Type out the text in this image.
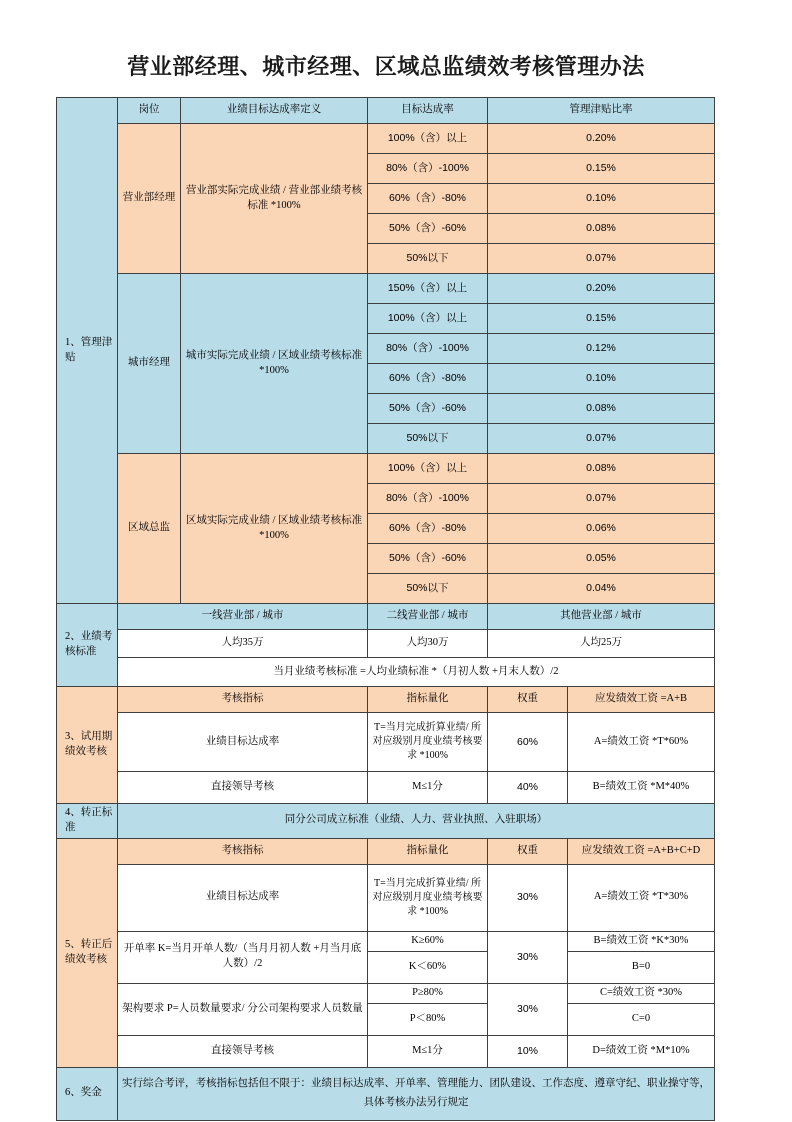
营业部经理、城市经理、区域总监绩效考核管理办法
1、管理津贴	岗位	业绩目标达成率定义	目标达成率	管理津贴比率	
	营业部经理	营业部实际完成业绩 / 营业部业绩考核标准 *100%	100%（含）以上	0.20%	
			80%（含）-100%	0.15%	
			60%（含）-80%	0.10%	
			50%（含）-60%	0.08%	
			50%以下	0.07%	
	城市经理	城市实际完成业绩 / 区域业绩考核标准 *100%	150%（含）以上	0.20%	
			100%（含）以上	0.15%	
			80%（含）-100%	0.12%	
			60%（含）-80%	0.10%	
			50%（含）-60%	0.08%	
			50%以下	0.07%	
	区域总监	区域实际完成业绩 / 区域业绩考核标准 *100%	100%（含）以上	0.08%	
			80%（含）-100%	0.07%	
			60%（含）-80%	0.06%	
			50%（含）-60%	0.05%	
			50%以下	0.04%	

2、业绩考核标准	一线营业部 / 城市		二线营业部 / 城市	其他营业部 / 城市	
	人均35万		人均30万	人均25万	
	当月业绩考核标准 =人均业绩标准 *（月初人数 +月末人数）/2				

3、试用期绩效考核	考核指标		指标量化	权重	应发绩效工资 =A+B
	业绩目标达成率		T=当月完成折算业绩/ 所对应级别月度业绩考核要求 *100%	60%	A=绩效工资 *T*60%
	直接领导考核		M≤1分	40%	B=绩效工资 *M*40%

4、转正标准	同分公司成立标准（业绩、人力、营业执照、入驻职场）				

5、转正后绩效考核	考核指标		指标量化	权重	应发绩效工资 =A+B+C+D
	业绩目标达成率		T=当月完成折算业绩/ 所对应级别月度业绩考核要求 *100%	30%	A=绩效工资 *T*30%
	开单率 K=当月开单人数/（当月月初人数 +月当月底人数）/2		K≥60%	30%	B=绩效工资 *K*30%
			K＜60%		B=0
	架构要求 P=人员数量要求/ 分公司架构要求人员数量		P≥80%	30%	C=绩效工资 *30%
			P＜80%		C=0
	直接领导考核		M≤1分	10%	D=绩效工资 *M*10%

6、奖金	实行综合考评，考核指标包括但不限于：业绩目标达成率、开单率、管理能力、团队建设、工作态度、遵章守纪、职业操守等，具体考核办法另行规定				
